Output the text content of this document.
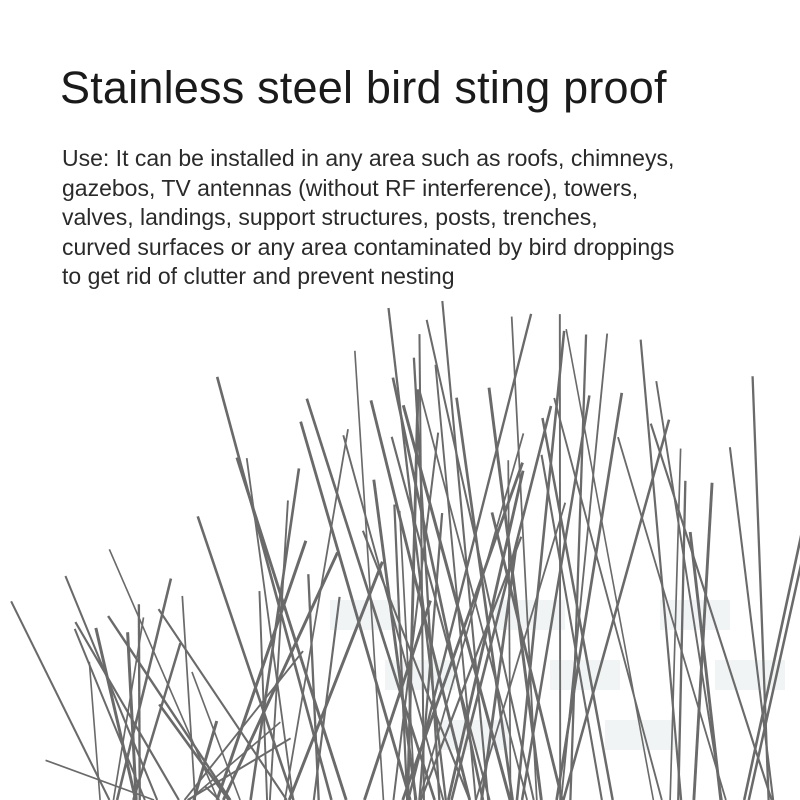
Stainless steel bird sting proof
Use: It can be installed in any area such as roofs, chimneys,
gazebos, TV antennas (without RF interference), towers,
valves, landings, support structures, posts, trenches,
curved surfaces or any area contaminated by bird droppings
to get rid of clutter and prevent nesting
